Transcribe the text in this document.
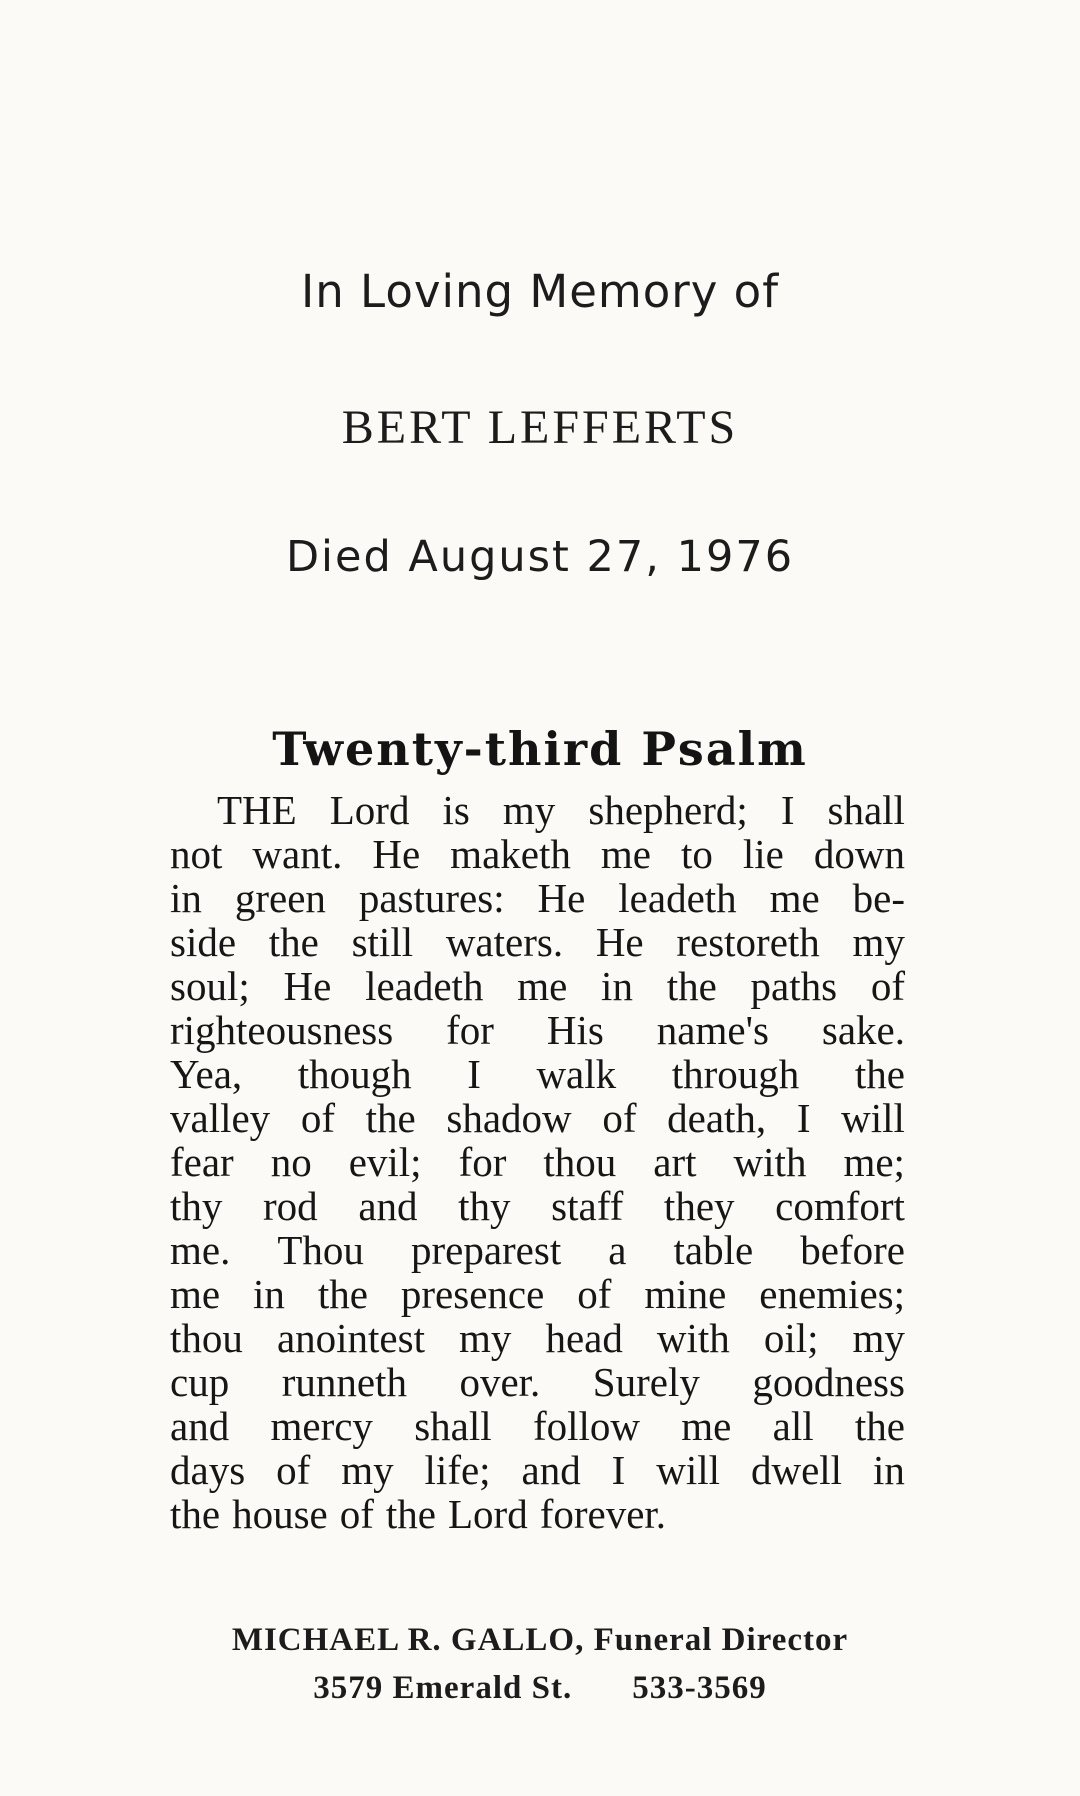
In Loving Memory of
BERT LEFFERTS
Died August 27, 1976
Twenty-third Psalm
THE Lord is my shepherd; I shall
not want. He maketh me to lie down
in green pastures: He leadeth me be-
side the still waters. He restoreth my
soul; He leadeth me in the paths of
righteousness for His name's sake.
Yea, though I walk through the
valley of the shadow of death, I will
fear no evil; for thou art with me;
thy rod and thy staff they comfort
me. Thou preparest a table before
me in the presence of mine enemies;
thou anointest my head with oil; my
cup runneth over. Surely goodness
and mercy shall follow me all the
days of my life; and I will dwell in
the house of the Lord forever.
MICHAEL R. GALLO, Funeral Director
3579 Emerald St. 533-3569
